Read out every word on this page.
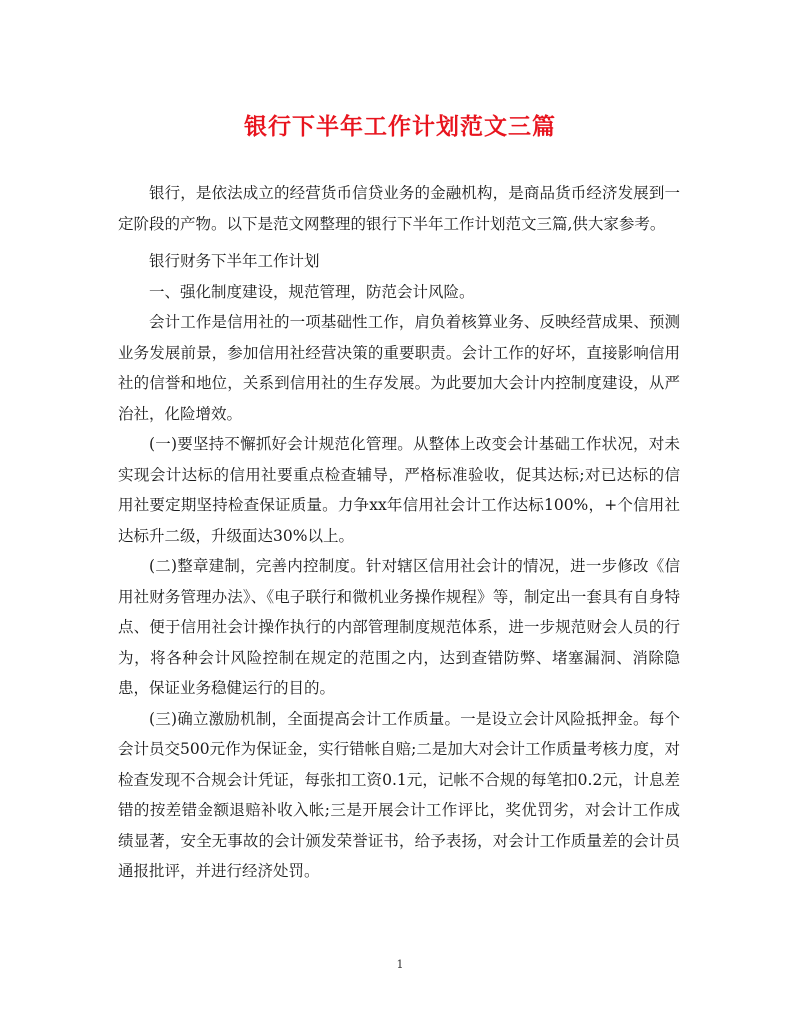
银行下半年工作计划范文三篇

银行，是依法成立的经营货币信贷业务的金融机构，是商品货币经济发展到一定阶段的产物。以下是范文网整理的银行下半年工作计划范文三篇,供大家参考。

银行财务下半年工作计划

一、强化制度建设，规范管理，防范会计风险。

会计工作是信用社的一项基础性工作，肩负着核算业务、反映经营成果、预测业务发展前景，参加信用社经营决策的重要职责。会计工作的好坏，直接影响信用社的信誉和地位，关系到信用社的生存发展。为此要加大会计内控制度建设，从严治社，化险增效。

(一)要坚持不懈抓好会计规范化管理。从整体上改变会计基础工作状况，对未实现会计达标的信用社要重点检查辅导，严格标准验收，促其达标;对已达标的信用社要定期坚持检查保证质量。力争xx年信用社会计工作达标100%，+个信用社达标升二级，升级面达30%以上。

(二)整章建制，完善内控制度。针对辖区信用社会计的情况，进一步修改《信用社财务管理办法》、《电子联行和微机业务操作规程》等，制定出一套具有自身特点、便于信用社会计操作执行的内部管理制度规范体系，进一步规范财会人员的行为，将各种会计风险控制在规定的范围之内，达到查错防弊、堵塞漏洞、消除隐患，保证业务稳健运行的目的。

(三)确立激励机制，全面提高会计工作质量。一是设立会计风险抵押金。每个会计员交500元作为保证金，实行错帐自赔;二是加大对会计工作质量考核力度，对检查发现不合规会计凭证，每张扣工资0.1元，记帐不合规的每笔扣0.2元，计息差错的按差错金额退赔补收入帐;三是开展会计工作评比，奖优罚劣，对会计工作成绩显著，安全无事故的会计颁发荣誉证书，给予表扬，对会计工作质量差的会计员通报批评，并进行经济处罚。

1
